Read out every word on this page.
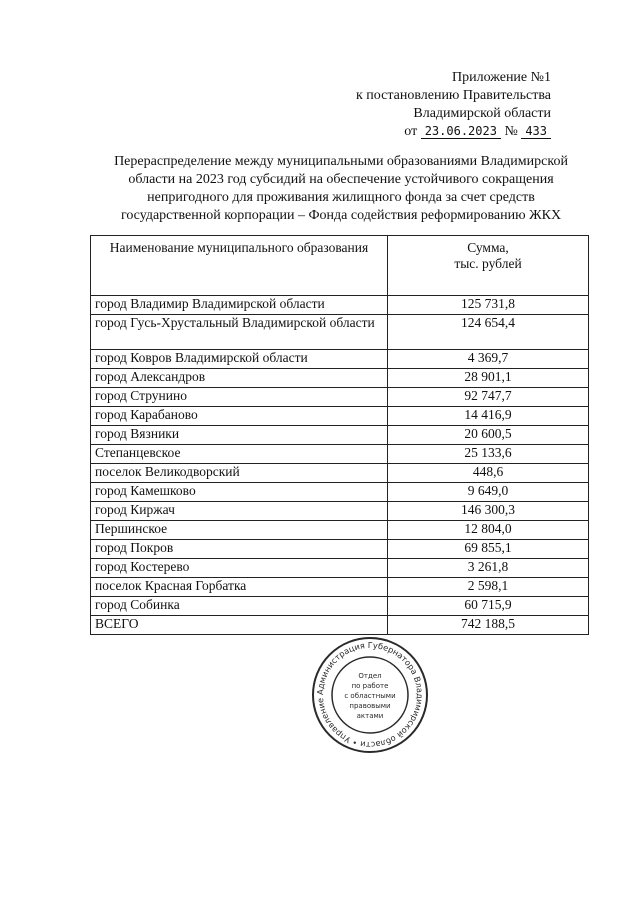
Приложение №1
к постановлению Правительства
Владимирской области
от 23.06.2023 № 433
Перераспределение между муниципальными образованиями Владимирской
области на 2023 год субсидий на обеспечение устойчивого сокращения
непригодного для проживания жилищного фонда за счет средств
государственной корпорации – Фонда содействия реформированию ЖКХ
Наименование муниципального образования	Сумма,
тыс. рублей
город Владимир Владимирской области	125 731,8
город Гусь-Хрустальный Владимирской области	124 654,4
город Ковров Владимирской области	4 369,7
город Александров	28 901,1
город Струнино	92 747,7
город Карабаново	14 416,9
город Вязники	20 600,5
Степанцевское	25 133,6
поселок Великодворский	448,6
город Камешково	9 649,0
город Киржач	146 300,3
Першинское	12 804,0
город Покров	69 855,1
город Костерево	3 261,8
поселок Красная Горбатка	2 598,1
город Собинка	60 715,9
ВСЕГО	742 188,5
Администрация Губернатора Владимирской области • Управление
Отдел
по работе
с областными
правовыми
актами
